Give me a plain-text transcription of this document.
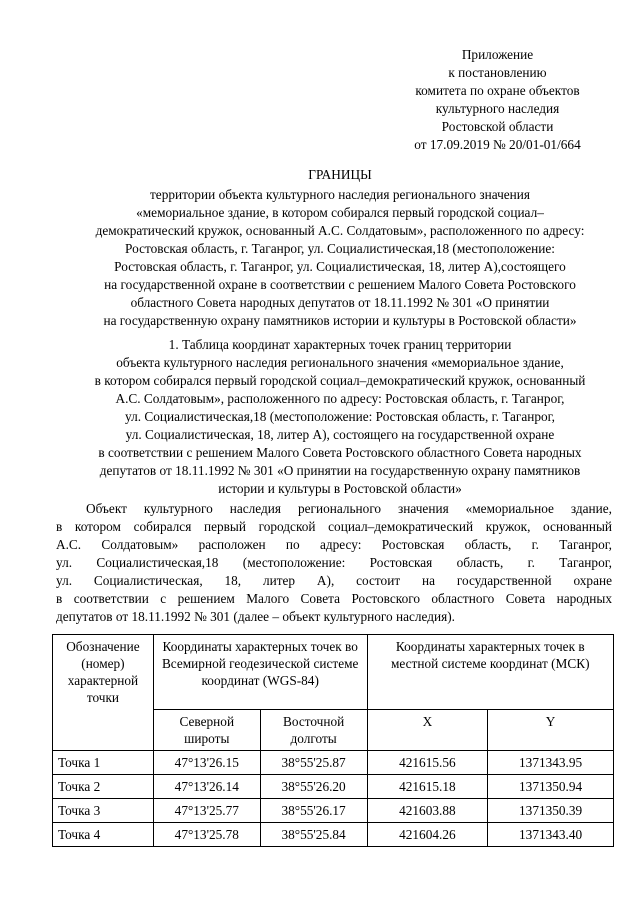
Приложение
к постановлению
комитета по охране объектов
культурного наследия
Ростовской области
от 17.09.2019 № 20/01-01/664
ГРАНИЦЫ
территории объекта культурного наследия регионального значения
«мемориальное здание, в котором собирался первый городской социал–
демократический кружок, основанный А.С. Солдатовым», расположенного по адресу:
Ростовская область, г. Таганрог, ул. Социалистическая,18 (местоположение:
Ростовская область, г. Таганрог, ул. Социалистическая, 18, литер А),состоящего
на государственной охране в соответствии с решением Малого Совета Ростовского
областного Совета народных депутатов от 18.11.1992 № 301 «О принятии
на государственную охрану памятников истории и культуры в Ростовской области»
1. Таблица координат характерных точек границ территории
объекта культурного наследия регионального значения «мемориальное здание,
в котором собирался первый городской социал–демократический кружок, основанный
А.С. Солдатовым», расположенного по адресу: Ростовская область, г. Таганрог,
ул. Социалистическая,18 (местоположение: Ростовская область, г. Таганрог,
ул. Социалистическая, 18, литер А), состоящего на государственной охране
в соответствии с решением Малого Совета Ростовского областного Совета народных
депутатов от 18.11.1992 № 301 «О принятии на государственную охрану памятников
истории и культуры в Ростовской области»
Объект культурного наследия регионального значения «мемориальное здание,
в котором собирался первый городской социал–демократический кружок, основанный
А.С. Солдатовым» расположен по адресу: Ростовская область, г. Таганрог,
ул. Социалистическая,18 (местоположение: Ростовская область, г. Таганрог,
ул. Социалистическая, 18, литер А), состоит на государственной охране
в соответствии с решением Малого Совета Ростовского областного Совета народных
депутатов от 18.11.1992 № 301 (далее – объект культурного наследия).
Обозначение (номер) характерной точки	Координаты характерных точек во Всемирной геодезической системе координат (WGS-84)		Координаты характерных точек в местной системе координат (МСК)	
	Северной широты	Восточной долготы	X	Y
Точка 1	47°13'26.15	38°55'25.87	421615.56	1371343.95
Точка 2	47°13'26.14	38°55'26.20	421615.18	1371350.94
Точка 3	47°13'25.77	38°55'26.17	421603.88	1371350.39
Точка 4	47°13'25.78	38°55'25.84	421604.26	1371343.40
